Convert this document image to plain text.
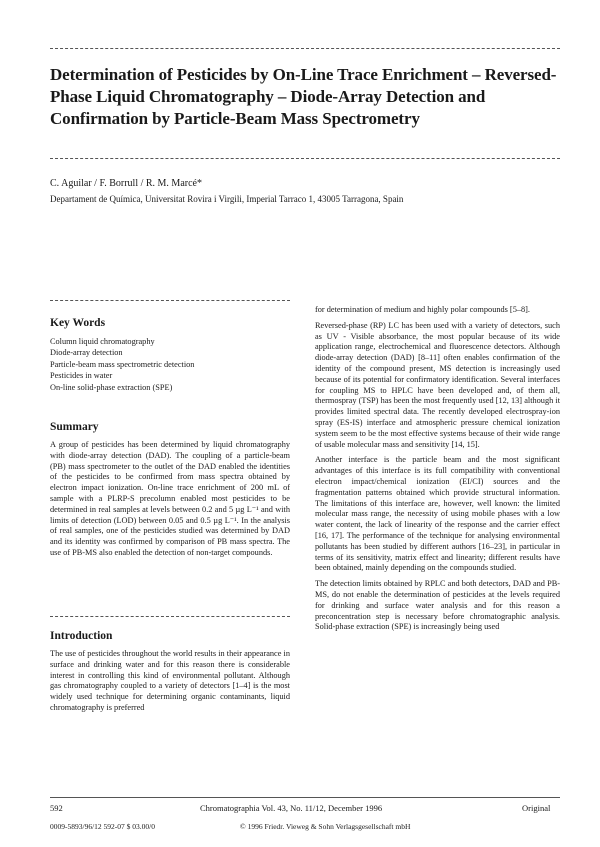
Determination of Pesticides by On-Line Trace Enrichment – Reversed-Phase Liquid Chromatography – Diode-Array Detection and Confirmation by Particle-Beam Mass Spectrometry
C. Aguilar / F. Borrull / R. M. Marcé*
Departament de Química, Universitat Rovira i Virgili, Imperial Tarraco 1, 43005 Tarragona, Spain
Key Words
Column liquid chromatography
Diode-array detection
Particle-beam mass spectrometric detection
Pesticides in water
On-line solid-phase extraction (SPE)
Summary

A group of pesticides has been determined by liquid chromatography with diode-array detection (DAD). The coupling of a particle-beam (PB) mass spectrometer to the outlet of the DAD enabled the identities of the pesticides to be confirmed from mass spectra obtained by electron impact ionization. On-line trace enrichment of 200 mL of sample with a PLRP-S precolumn enabled most pesticides to be determined in real samples at levels between 0.2 and 5 µg L⁻¹ and with limits of detection (LOD) between 0.05 and 0.5 µg L⁻¹. In the analysis of real samples, one of the pesticides studied was determined by DAD and its identity was confirmed by comparison of PB mass spectra. The use of PB-MS also enabled the detection of non-target compounds.

Introduction

The use of pesticides throughout the world results in their appearance in surface and drinking water and for this reason there is considerable interest in controlling this kind of environmental pollutant. Although gas chromatography coupled to a variety of detectors [1–4] is the most widely used technique for determining organic contaminants, liquid chromatography is preferred

for determination of medium and highly polar compounds [5–8].

Reversed-phase (RP) LC has been used with a variety of detectors, such as UV - Visible absorbance, the most popular because of its wide application range, electrochemical and fluorescence detectors. Although diode-array detection (DAD) [8–11] often enables confirmation of the identity of the compound present, MS detection is increasingly used because of its potential for confirmatory identification. Several interfaces for coupling MS to HPLC have been developed and, of them all, thermospray (TSP) has been the most frequently used [12, 13] although it provides limited spectral data. The recently developed electrospray-ion spray (ES-IS) interface and atmospheric pressure chemical ionization system seem to be the most effective systems because of their wide range of usable molecular mass and sensitivity [14, 15].

Another interface is the particle beam and the most significant advantages of this interface is its full compatibility with conventional electron impact/chemical ionization (EI/CI) sources and the fragmentation patterns obtained which provide structural information. The limitations of this interface are, however, well known: the limited molecular mass range, the necessity of using mobile phases with a low water content, the lack of linearity of the response and the carrier effect [16, 17]. The performance of the technique for analysing environmental pollutants has been studied by different authors [16–23], in particular in terms of its sensitivity, matrix effect and linearity; different results have been obtained, mainly depending on the compounds studied.

The detection limits obtained by RPLC and both detectors, DAD and PB-MS, do not enable the determination of pesticides at the levels required for drinking and surface water analysis and for this reason a preconcentration step is necessary before chromatographic analysis. Solid-phase extraction (SPE) is increasingly being used

592	Chromatographia Vol. 43, No. 11/12, December 1996	Original
0009-5893/96/12 592-07 $ 03.00/0	© 1996 Friedr. Vieweg & Sohn Verlagsgesellschaft mbH
